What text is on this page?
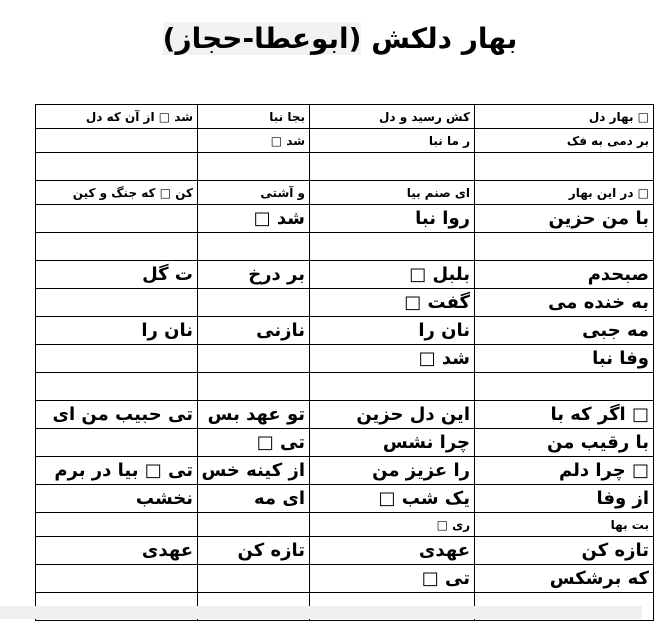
بهار دلکش (ابوعطا-حجاز)
□ بهار دل	کش رسید و دل	بجا نبا	شد □ از آن که دل
بر دمی به فک	ر ما نبا	شد □	

□ در این بهار	ای صنم بیا	و آشتی	کن □ که جنگ و کین
با من حزین	روا نبا	شد □	

صبحدم	بلبل □	بر درخ	ت گل
به خنده می	گفت □		
مه جبی	نان را	نازنی	نان را
وفا نبا	شد □		

□ اگر که با	این دل حزین	تو عهد بس	تی حبیب من ای
با رقیب من	چرا نشس	تی □	
□ چرا دلم	را عزیز من	از کینه خس	تی □ بیا در برم
از وفا	یک شب □	ای مه	نخشب
بت بها	ری □		
تازه کن	عهدی	تازه کن	عهدی
که برشکس	تی □		
